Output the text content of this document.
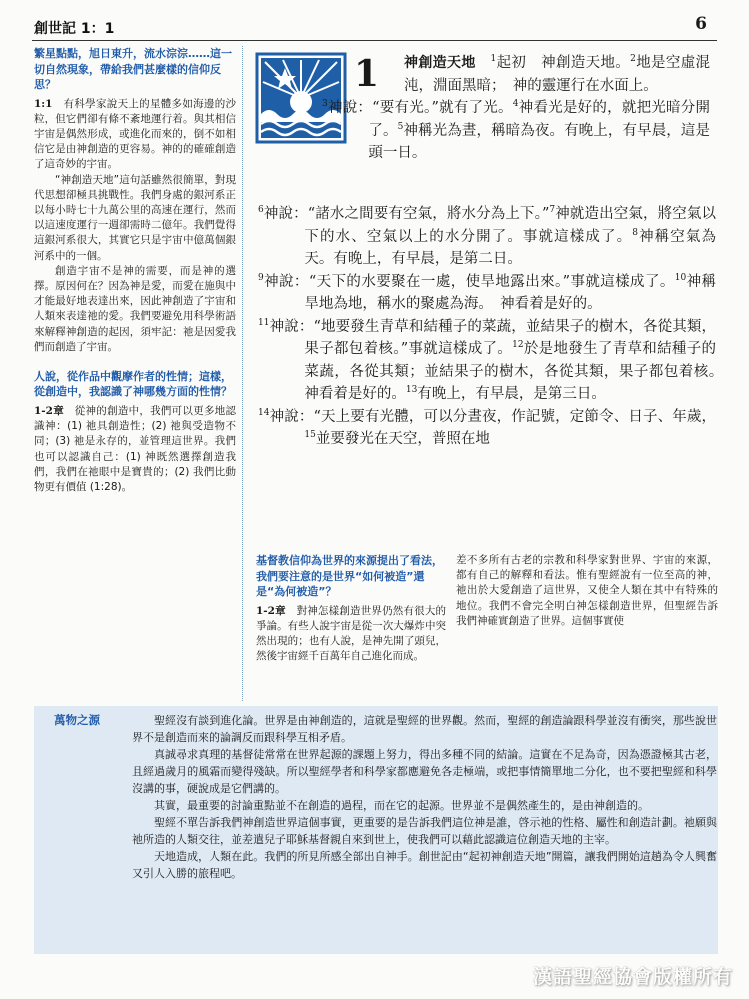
創世記 1：1	6

繁星點點，旭日東升，流水淙淙……這一切自然現象，帶給我們甚麼樣的信仰反思？

1:1　 有科學家說天上的星體多如海邊的沙粒，但它們卻有條不紊地運行着。與其相信宇宙是偶然形成，或進化而來的，倒不如相信它是由神創造的更容易。神的的確確創造了這奇妙的宇宙。

“神創造天地”這句話雖然很簡單，對現代思想卻極具挑戰性。我們身處的銀河系正以每小時七十九萬公里的高速在運行，然而以這速度運行一週卻需時二億年。我們覺得這銀河系很大，其實它只是宇宙中億萬個銀河系中的一個。

創造宇宙不是神的需要，而是神的選擇。原因何在？因為神是愛，而愛在施與中才能最好地表達出來，因此神創造了宇宙和人類來表達祂的愛。我們要避免用科學術語來解釋神創造的起因，須牢記：祂是因愛我們而創造了宇宙。

人說，從作品中觀摩作者的性情；這樣，從創造中，我認識了神哪幾方面的性情？

1-2章　 從神的創造中，我們可以更多地認識神：(1) 祂具創造性；(2) 祂與受造物不同；(3) 祂是永存的，並管理這世界。我們也可以認識自己：(1) 神既然選擇創造我們，我們在祂眼中是寶貴的；(2) 我們比動物更有價值 (1:28)。

1	神創造天地　 $^1$起初　神創造天地。$^2$地是空虛混沌，淵面黑暗；　神的靈運行在水面上。

$^3$神說：“要有光。”就有了光。$^4$神看光是好的，就把光暗分開了。$^5$神稱光為晝，稱暗為夜。有晚上，有早晨，這是頭一日。

$^6$神說：“諸水之間要有空氣，將水分為上下。”$^7$神就造出空氣，將空氣以下的水、空氣以上的水分開了。事就這樣成了。$^8$神稱空氣為天。有晚上，有早晨，是第二日。

$^9$神說：“天下的水要聚在一處，使旱地露出來。”事就這樣成了。$^{10}$神稱旱地為地，稱水的聚處為海。　神看着是好的。

$^{11}$神說：“地要發生青草和結種子的菜蔬，並結果子的樹木，各從其類，果子都包着核。”事就這樣成了。$^{12}$於是地發生了青草和結種子的菜蔬，各從其類；並結果子的樹木，各從其類，果子都包着核。　神看着是好的。$^{13}$有晚上，有早晨，是第三日。

$^{14}$神說：“天上要有光體，可以分晝夜，作記號，定節令、日子、年歲，$^{15}$並要發光在天空，普照在地

基督教信仰為世界的來源提出了看法，我們要注意的是世界“如何被造”還是“為何被造”？

1-2章　 對神怎樣創造世界仍然有很大的爭論。有些人說宇宙是從一次大爆炸中突然出現的；也有人說，是神先開了頭兒，然後宇宙經千百萬年自己進化而成。

差不多所有古老的宗教和科學家對世界、宇宙的來源，都有自己的解釋和看法。惟有聖經說有一位至高的神，祂出於大愛創造了這世界，又使全人類在其中有特殊的地位。我們不會完全明白神怎樣創造世界，但聖經告訴我們神確實創造了世界。這個事實使

萬物之源	聖經沒有談到進化論。世界是由神創造的，這就是聖經的世界觀。然而，聖經的創造論跟科學並沒有衝突，那些說世界不是創造而來的論調反而跟科學互相矛盾。

真誠尋求真理的基督徒常常在世界起源的課題上努力，得出多種不同的結論。這實在不足為奇，因為憑證極其古老，且經過歲月的風霜而變得殘缺。所以聖經學者和科學家都應避免各走極端，或把事情簡單地二分化，也不要把聖經和科學沒講的事，硬說成是它們講的。

其實，最重要的討論重點並不在創造的過程，而在它的起源。世界並不是偶然產生的，是由神創造的。

聖經不單告訴我們神創造世界這個事實，更重要的是告訴我們這位神是誰，啓示祂的性格、屬性和創造計劃。祂願與祂所造的人類交往，並差遣兒子耶穌基督親自來到世上，使我們可以藉此認識這位創造天地的主宰。

天地造成，人類在此。我們的所見所感全部出自神手。創世記由“起初神創造天地”開篇，讓我們開始這趟為令人興奮又引人入勝的旅程吧。

漢語聖經協會版權所有
